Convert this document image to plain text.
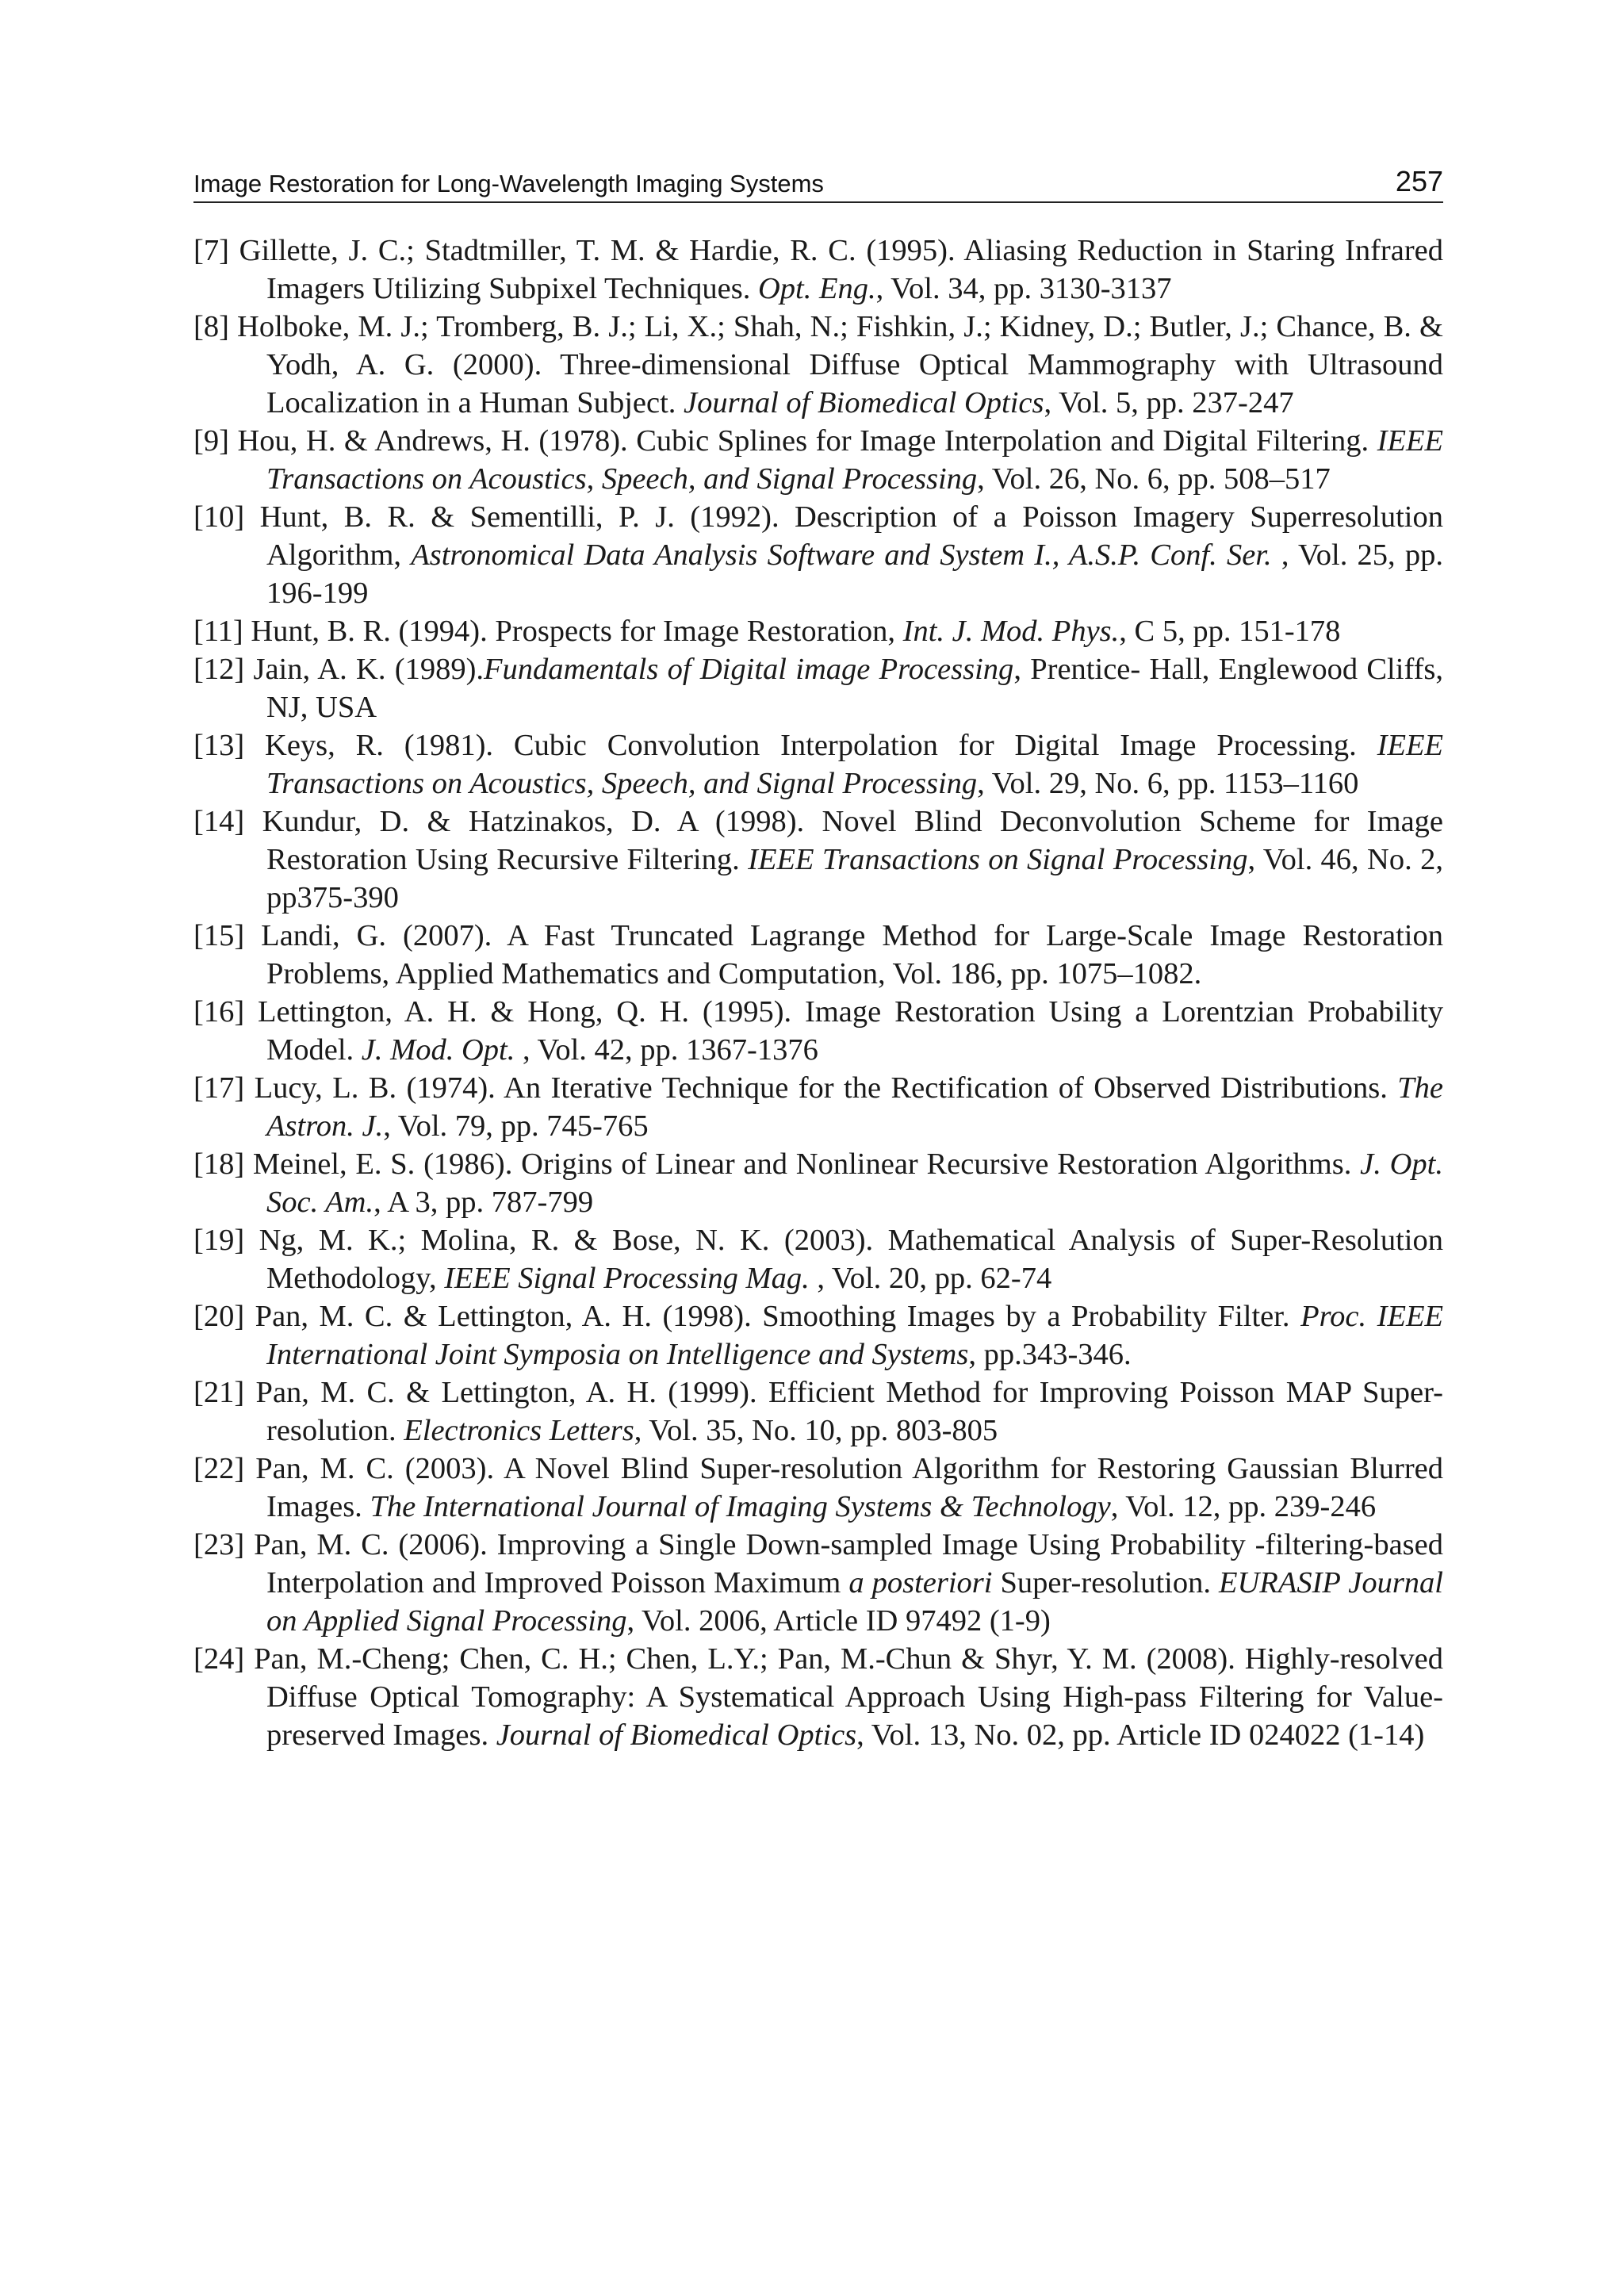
Image Restoration for Long-Wavelength Imaging Systems	257
[7] Gillette, J. C.; Stadtmiller, T. M. & Hardie, R. C. (1995). Aliasing Reduction in Staring Infrared Imagers Utilizing Subpixel Techniques. Opt. Eng., Vol. 34, pp. 3130-3137
[8] Holboke, M. J.; Tromberg, B. J.; Li, X.; Shah, N.; Fishkin, J.; Kidney, D.; Butler, J.; Chance, B. & Yodh, A. G. (2000). Three-dimensional Diffuse Optical Mammography with Ultrasound Localization in a Human Subject. Journal of Biomedical Optics, Vol. 5, pp. 237-247
[9] Hou, H. & Andrews, H. (1978). Cubic Splines for Image Interpolation and Digital Filtering. IEEE Transactions on Acoustics, Speech, and Signal Processing, Vol. 26, No. 6, pp. 508–517
[10] Hunt, B. R. & Sementilli, P. J. (1992). Description of a Poisson Imagery Superresolution Algorithm, Astronomical Data Analysis Software and System I., A.S.P. Conf. Ser. , Vol. 25, pp. 196-199
[11] Hunt, B. R. (1994). Prospects for Image Restoration, Int. J. Mod. Phys., C 5, pp. 151-178
[12] Jain, A. K. (1989).Fundamentals of Digital image Processing, Prentice- Hall, Englewood Cliffs, NJ, USA
[13] Keys, R. (1981). Cubic Convolution Interpolation for Digital Image Processing. IEEE Transactions on Acoustics, Speech, and Signal Processing, Vol. 29, No. 6, pp. 1153–1160
[14] Kundur, D. & Hatzinakos, D. A (1998). Novel Blind Deconvolution Scheme for Image Restoration Using Recursive Filtering. IEEE Transactions on Signal Processing, Vol. 46, No. 2, pp375-390
[15] Landi, G. (2007). A Fast Truncated Lagrange Method for Large-Scale Image Restoration Problems, Applied Mathematics and Computation, Vol. 186, pp. 1075–1082.
[16] Lettington, A. H. & Hong, Q. H. (1995). Image Restoration Using a Lorentzian Probability Model. J. Mod. Opt. , Vol. 42, pp. 1367-1376
[17] Lucy, L. B. (1974). An Iterative Technique for the Rectification of Observed Distributions. The Astron. J., Vol. 79, pp. 745-765
[18] Meinel, E. S. (1986). Origins of Linear and Nonlinear Recursive Restoration Algorithms. J. Opt. Soc. Am., A 3, pp. 787-799
[19] Ng, M. K.; Molina, R. & Bose, N. K. (2003). Mathematical Analysis of Super-Resolution Methodology, IEEE Signal Processing Mag. , Vol. 20, pp. 62-74
[20] Pan, M. C. & Lettington, A. H. (1998). Smoothing Images by a Probability Filter. Proc. IEEE International Joint Symposia on Intelligence and Systems, pp.343-346.
[21] Pan, M. C. & Lettington, A. H. (1999). Efficient Method for Improving Poisson MAP Super-resolution. Electronics Letters, Vol. 35, No. 10, pp. 803-805
[22] Pan, M. C. (2003). A Novel Blind Super-resolution Algorithm for Restoring Gaussian Blurred Images. The International Journal of Imaging Systems & Technology, Vol. 12, pp. 239-246
[23] Pan, M. C. (2006). Improving a Single Down-sampled Image Using Probability -filtering-based Interpolation and Improved Poisson Maximum a posteriori Super-resolution. EURASIP Journal on Applied Signal Processing, Vol. 2006, Article ID 97492 (1-9)
[24] Pan, M.-Cheng; Chen, C. H.; Chen, L.Y.; Pan, M.-Chun & Shyr, Y. M. (2008). Highly-resolved Diffuse Optical Tomography: A Systematical Approach Using High-pass Filtering for Value-preserved Images. Journal of Biomedical Optics, Vol. 13, No. 02, pp. Article ID 024022 (1-14)
